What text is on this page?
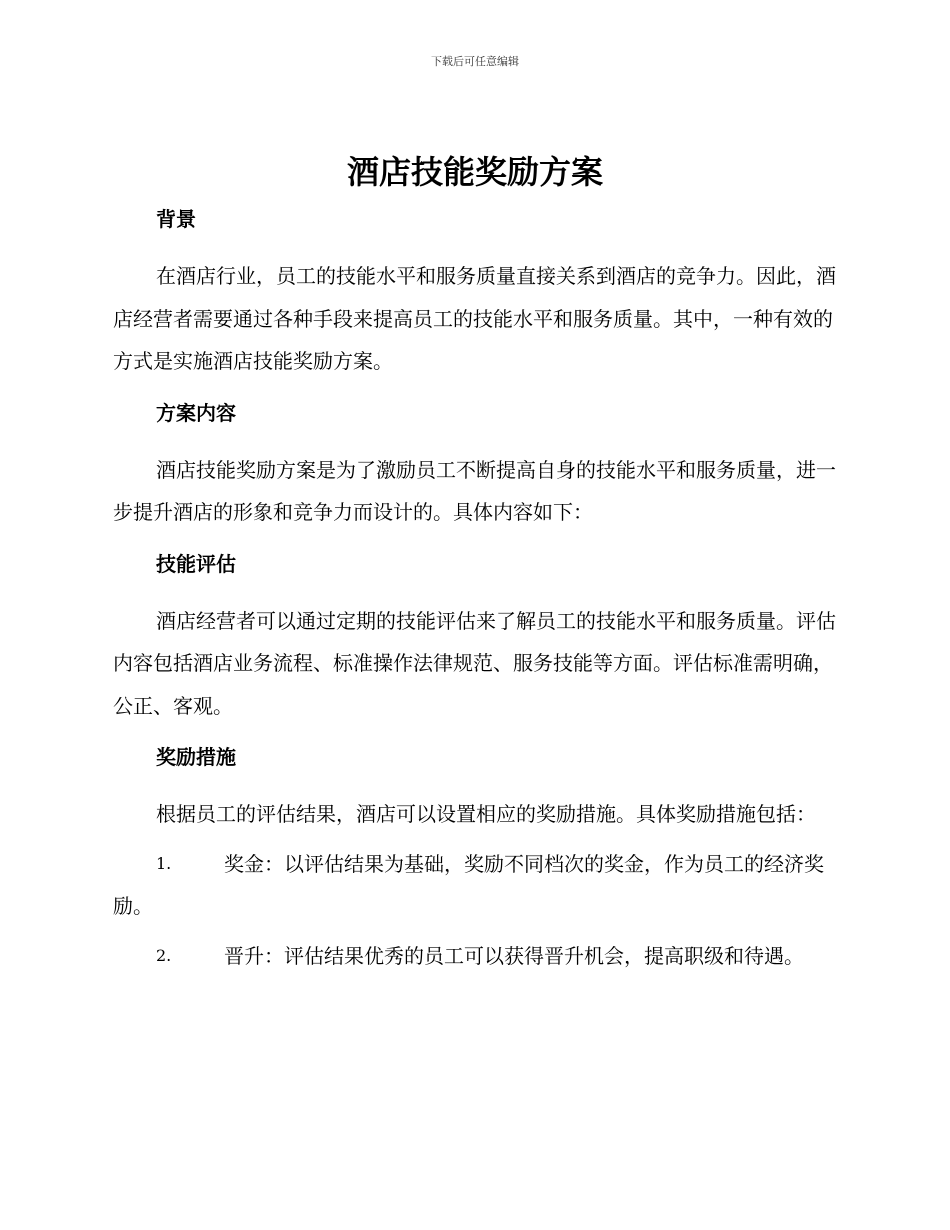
下载后可任意编辑
酒店技能奖励方案
背景

在酒店行业，员工的技能水平和服务质量直接关系到酒店的竞争力。因此，酒店经营者需要通过各种手段来提高员工的技能水平和服务质量。其中，一种有效的方式是实施酒店技能奖励方案。

方案内容

酒店技能奖励方案是为了激励员工不断提高自身的技能水平和服务质量，进一步提升酒店的形象和竞争力而设计的。具体内容如下：

技能评估

酒店经营者可以通过定期的技能评估来了解员工的技能水平和服务质量。评估内容包括酒店业务流程、标准操作法律规范、服务技能等方面。评估标准需明确，公正、客观。

奖励措施

根据员工的评估结果，酒店可以设置相应的奖励措施。具体奖励措施包括：

1.	奖金：以评估结果为基础，奖励不同档次的奖金，作为员工的经济奖励。
2.	晋升：评估结果优秀的员工可以获得晋升机会，提高职级和待遇。
